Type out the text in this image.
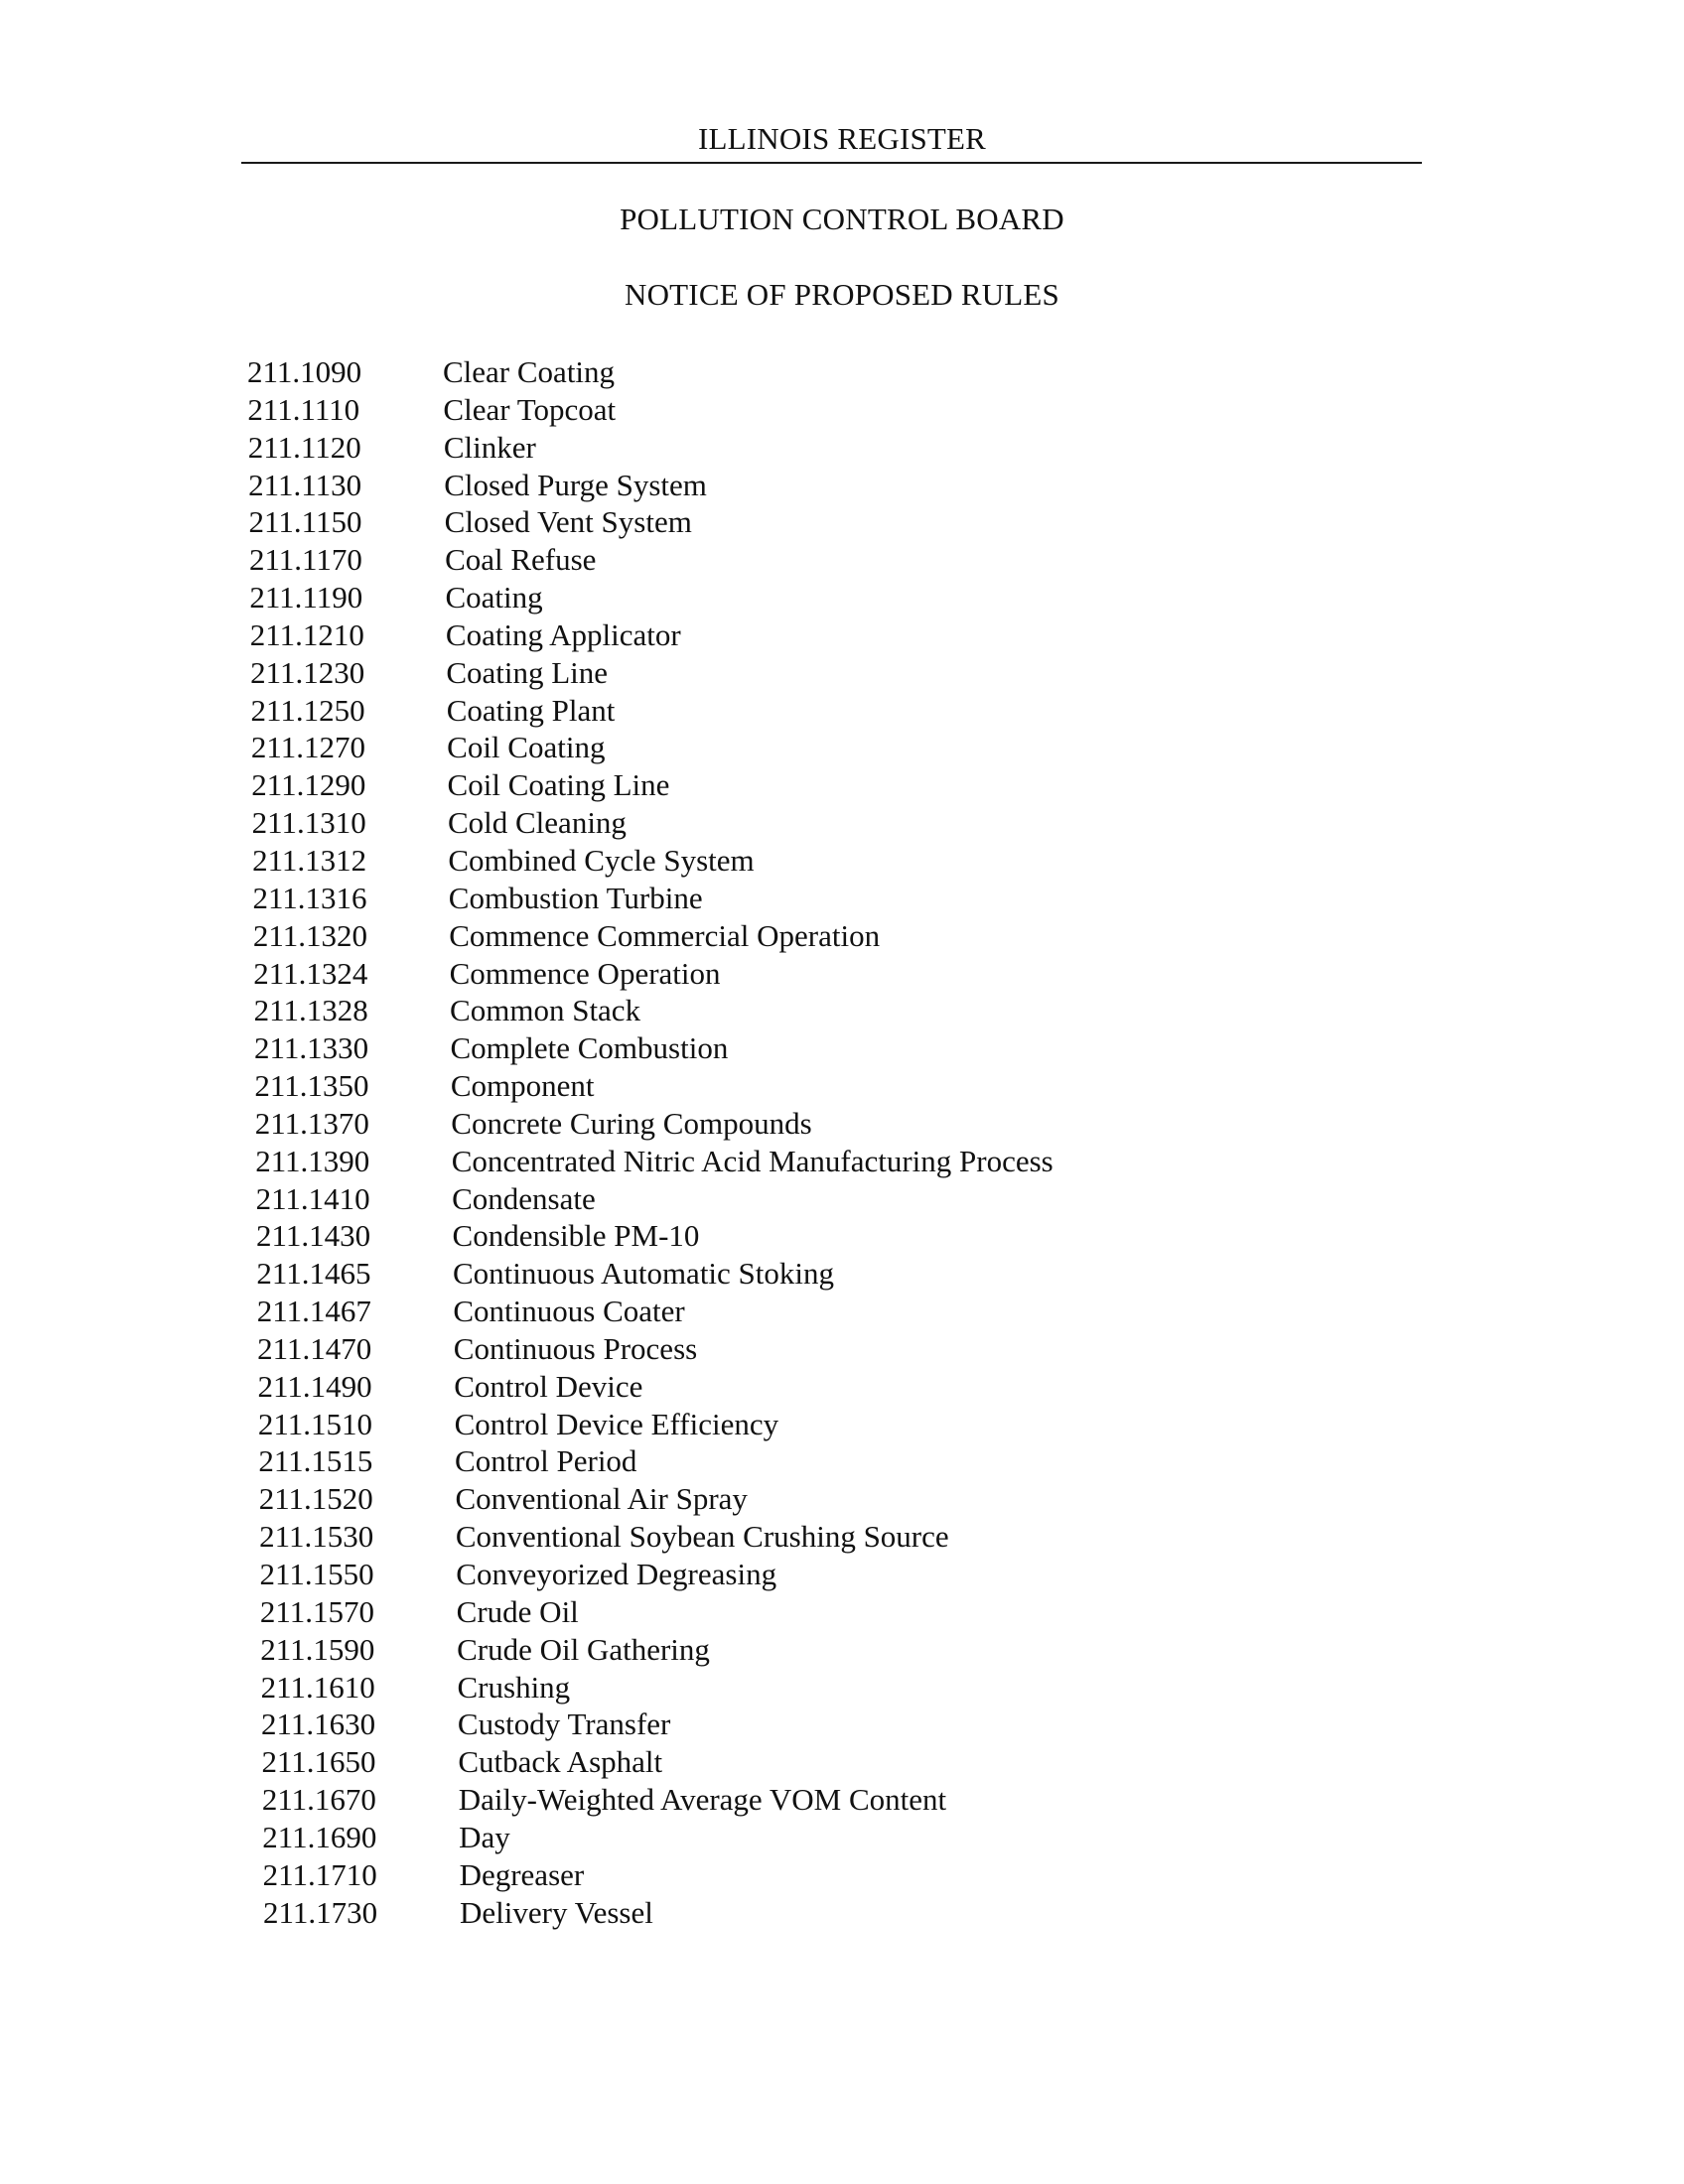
ILLINOIS REGISTER
POLLUTION CONTROL BOARD
NOTICE OF PROPOSED RULES
211.1090	Clear Coating
211.1110	Clear Topcoat
211.1120	Clinker
211.1130	Closed Purge System
211.1150	Closed Vent System
211.1170	Coal Refuse
211.1190	Coating
211.1210	Coating Applicator
211.1230	Coating Line
211.1250	Coating Plant
211.1270	Coil Coating
211.1290	Coil Coating Line
211.1310	Cold Cleaning
211.1312	Combined Cycle System
211.1316	Combustion Turbine
211.1320	Commence Commercial Operation
211.1324	Commence Operation
211.1328	Common Stack
211.1330	Complete Combustion
211.1350	Component
211.1370	Concrete Curing Compounds
211.1390	Concentrated Nitric Acid Manufacturing Process
211.1410	Condensate
211.1430	Condensible PM-10
211.1465	Continuous Automatic Stoking
211.1467	Continuous Coater
211.1470	Continuous Process
211.1490	Control Device
211.1510	Control Device Efficiency
211.1515	Control Period
211.1520	Conventional Air Spray
211.1530	Conventional Soybean Crushing Source
211.1550	Conveyorized Degreasing
211.1570	Crude Oil
211.1590	Crude Oil Gathering
211.1610	Crushing
211.1630	Custody Transfer
211.1650	Cutback Asphalt
211.1670	Daily-Weighted Average VOM Content
211.1690	Day
211.1710	Degreaser
211.1730	Delivery Vessel
